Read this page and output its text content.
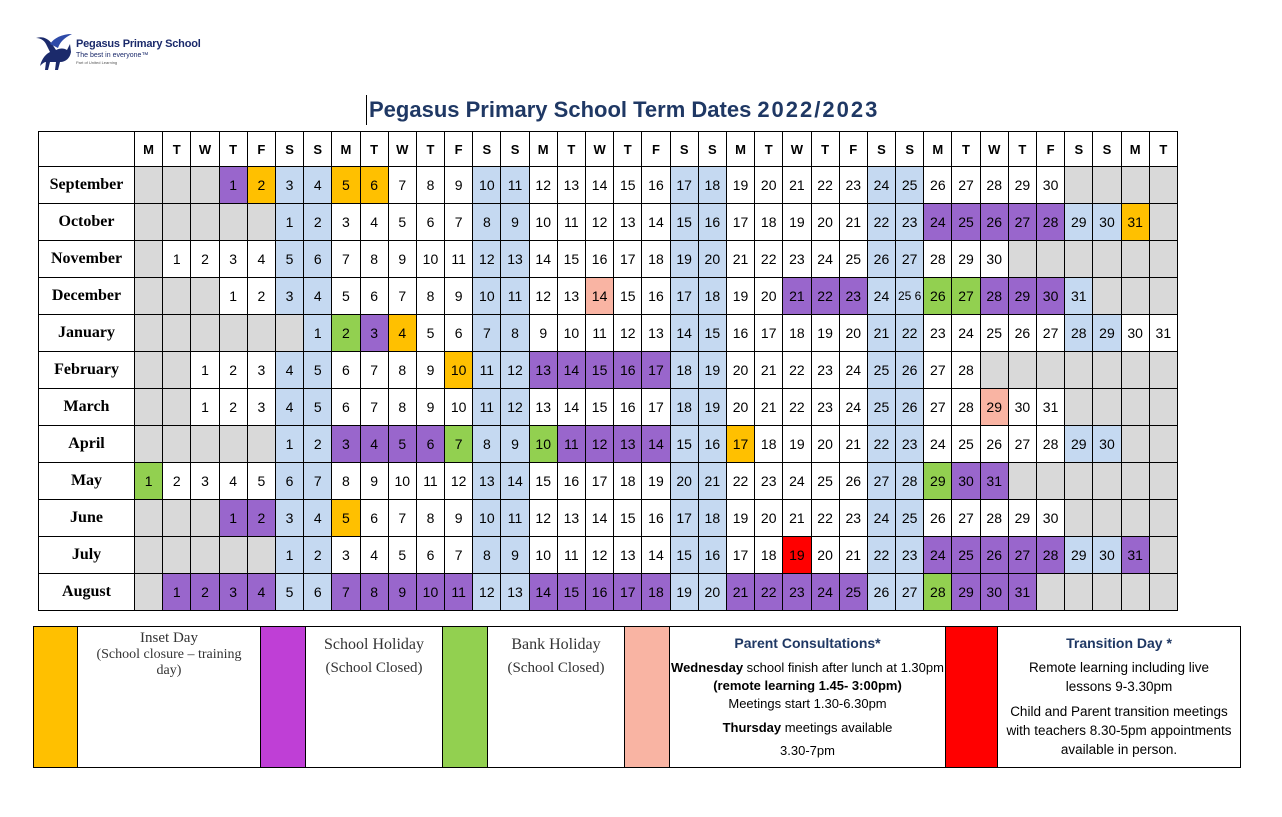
Pegasus Primary School
The best in everyone™
Part of United Learning
Pegasus Primary School Term Dates 2022/2023
	M	T	W	T	F	S	S	M	T	W	T	F	S	S	M	T	W	T	F	S	S	M	T	W	T	F	S	S	M	T	W	T	F	S	S	M	T
September				1	2	3	4	5	6	7	8	9	10	11	12	13	14	15	16	17	18	19	20	21	22	23	24	25	26	27	28	29	30				
October						1	2	3	4	5	6	7	8	9	10	11	12	13	14	15	16	17	18	19	20	21	22	23	24	25	26	27	28	29	30	31	
November		1	2	3	4	5	6	7	8	9	10	11	12	13	14	15	16	17	18	19	20	21	22	23	24	25	26	27	28	29	30						
December				1	2	3	4	5	6	7	8	9	10	11	12	13	14	15	16	17	18	19	20	21	22	23	24	25 6	26	27	28	29	30	31			
January							1	2	3	4	5	6	7	8	9	10	11	12	13	14	15	16	17	18	19	20	21	22	23	24	25	26	27	28	29	30	31
February			1	2	3	4	5	6	7	8	9	10	11	12	13	14	15	16	17	18	19	20	21	22	23	24	25	26	27	28							
March			1	2	3	4	5	6	7	8	9	10	11	12	13	14	15	16	17	18	19	20	21	22	23	24	25	26	27	28	29	30	31				
April						1	2	3	4	5	6	7	8	9	10	11	12	13	14	15	16	17	18	19	20	21	22	23	24	25	26	27	28	29	30		
May	1	2	3	4	5	6	7	8	9	10	11	12	13	14	15	16	17	18	19	20	21	22	23	24	25	26	27	28	29	30	31						
June				1	2	3	4	5	6	7	8	9	10	11	12	13	14	15	16	17	18	19	20	21	22	23	24	25	26	27	28	29	30				
July						1	2	3	4	5	6	7	8	9	10	11	12	13	14	15	16	17	18	19	20	21	22	23	24	25	26	27	28	29	30	31	
August		1	2	3	4	5	6	7	8	9	10	11	12	13	14	15	16	17	18	19	20	21	22	23	24	25	26	27	28	29	30	31					

Inset Day
(School closure – training day)

School Holiday
(School Closed)

Bank Holiday
(School Closed)

Parent Consultations*
Wednesday school finish after lunch at 1.30pm (remote learning 1.45- 3:00pm)
Meetings start 1.30-6.30pm
Thursday meetings available
3.30-7pm

Transition Day *
Remote learning including live lessons 9-3.30pm
Child and Parent transition meetings with teachers 8.30-5pm appointments available in person.
